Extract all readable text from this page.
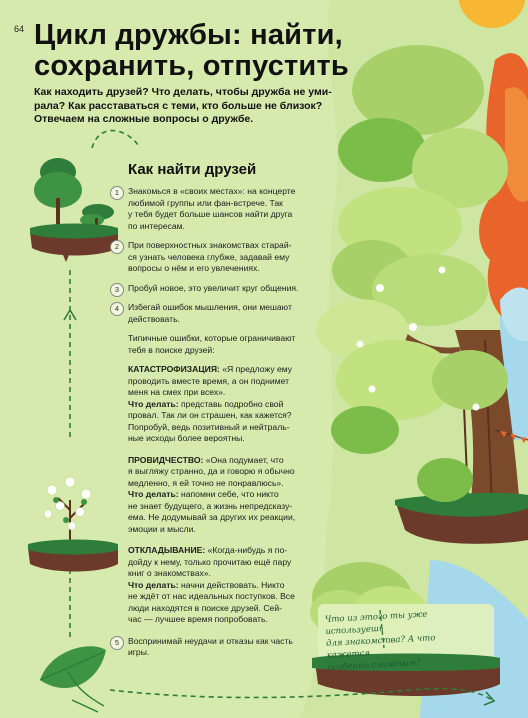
64 Цикл дружбы: найти,
сохранить, отпустить
Как находить друзей? Что делать, чтобы дружба не уми-
рала? Как расставаться с теми, кто больше не близок?
Отвечаем на сложные вопросы о дружбе.
Как найти друзей
1	Знакомься в «своих местах»: на концерте
любимой группы или фан-встрече. Так
у тебя будет больше шансов найти друга
по интересам.
2	При поверхностных знакомствах старай-
ся узнать человека глубже, задавай ему
вопросы о нём и его увлечениях.
3	Пробуй новое, это увеличит круг общения.
4	Избегай ошибок мышления, они мешают
действовать.
Типичные ошибки, которые ограничивают
тебя в поиске друзей:
КАТАСТРОФИЗАЦИЯ: «Я предложу ему
проводить вместе время, а он поднимет
меня на смех при всех».
Что делать: представь подробно свой
провал. Так ли он страшен, как кажется?
Попробуй, ведь позитивный и нейтраль-
ные исходы более вероятны.
ПРОВИДЧЕСТВО: «Она подумает, что
я выгляжу странно, да и говорю я обычно
медленно, я ей точно не понравлюсь».
Что делать: напомни себе, что никто
не знает будущего, а жизнь непредсказу-
ема. Не додумывай за других их реакции,
эмоции и мысли.
ОТКЛАДЫВАНИЕ: «Когда-нибудь я по-
дойду к нему, только прочитаю ещё пару
книг о знакомствах».
Что делать: начни действовать. Никто
не ждёт от нас идеальных поступков. Все
люди находятся в поиске друзей. Сей-
час — лучшее время попробовать.
5	Воспринимай неудачи и отказы как часть
игры.
Что из этого ты уже используешь
для знакомства? А что кажется
особенно сложным?
